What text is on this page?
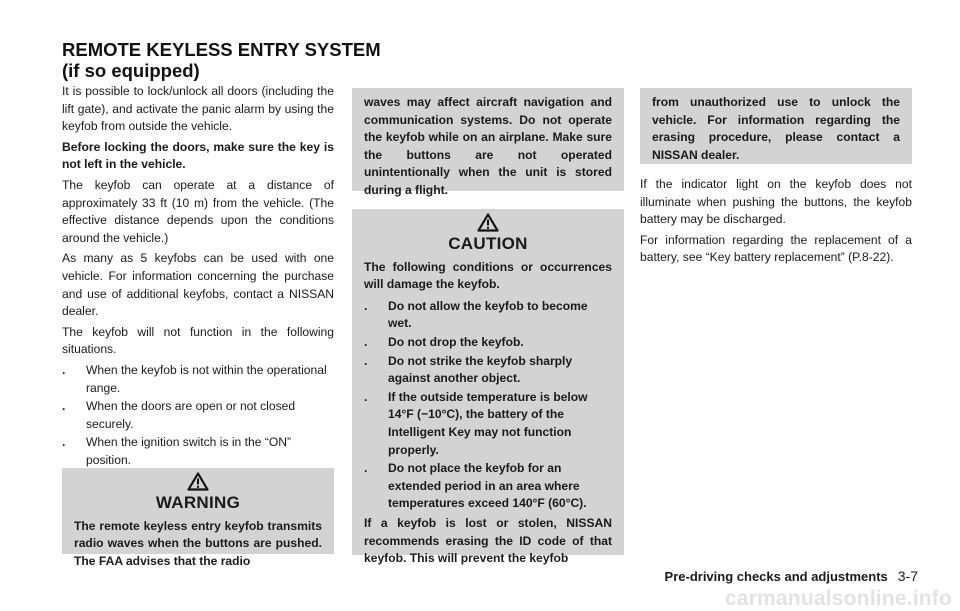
REMOTE KEYLESS ENTRY SYSTEM
(if so equipped)

It is possible to lock/unlock all doors (including the lift gate), and activate the panic alarm by using the keyfob from outside the vehicle.

Before locking the doors, make sure the key is not left in the vehicle.

The keyfob can operate at a distance of approximately 33 ft (10 m) from the vehicle. (The effective distance depends upon the conditions around the vehicle.)

As many as 5 keyfobs can be used with one vehicle. For information concerning the purchase and use of additional keyfobs, contact a NISSAN dealer.

The keyfob will not function in the following situations.

.	When the keyfob is not within the operational range.
.	When the doors are open or not closed securely.
.	When the ignition switch is in the “ON” position.
WARNING

The remote keyless entry keyfob transmits radio waves when the buttons are pushed. The FAA advises that the radio

waves may affect aircraft navigation and communication systems. Do not operate the keyfob while on an airplane. Make sure the buttons are not operated unintentionally when the unit is stored during a flight.

CAUTION

The following conditions or occurrences will damage the keyfob.

.	Do not allow the keyfob to become wet.
.	Do not drop the keyfob.
.	Do not strike the keyfob sharply against another object.
.	If the outside temperature is below 14°F (−10°C), the battery of the Intelligent Key may not function properly.
.	Do not place the keyfob for an extended period in an area where temperatures exceed 140°F (60°C).

If a keyfob is lost or stolen, NISSAN recommends erasing the ID code of that keyfob. This will prevent the keyfob

from unauthorized use to unlock the vehicle. For information regarding the erasing procedure, please contact a NISSAN dealer.

If the indicator light on the keyfob does not illuminate when pushing the buttons, the keyfob battery may be discharged.

For information regarding the replacement of a battery, see “Key battery replacement” (P.8-22).

Pre-driving checks and adjustments 3-7
carmanualsonline.info
